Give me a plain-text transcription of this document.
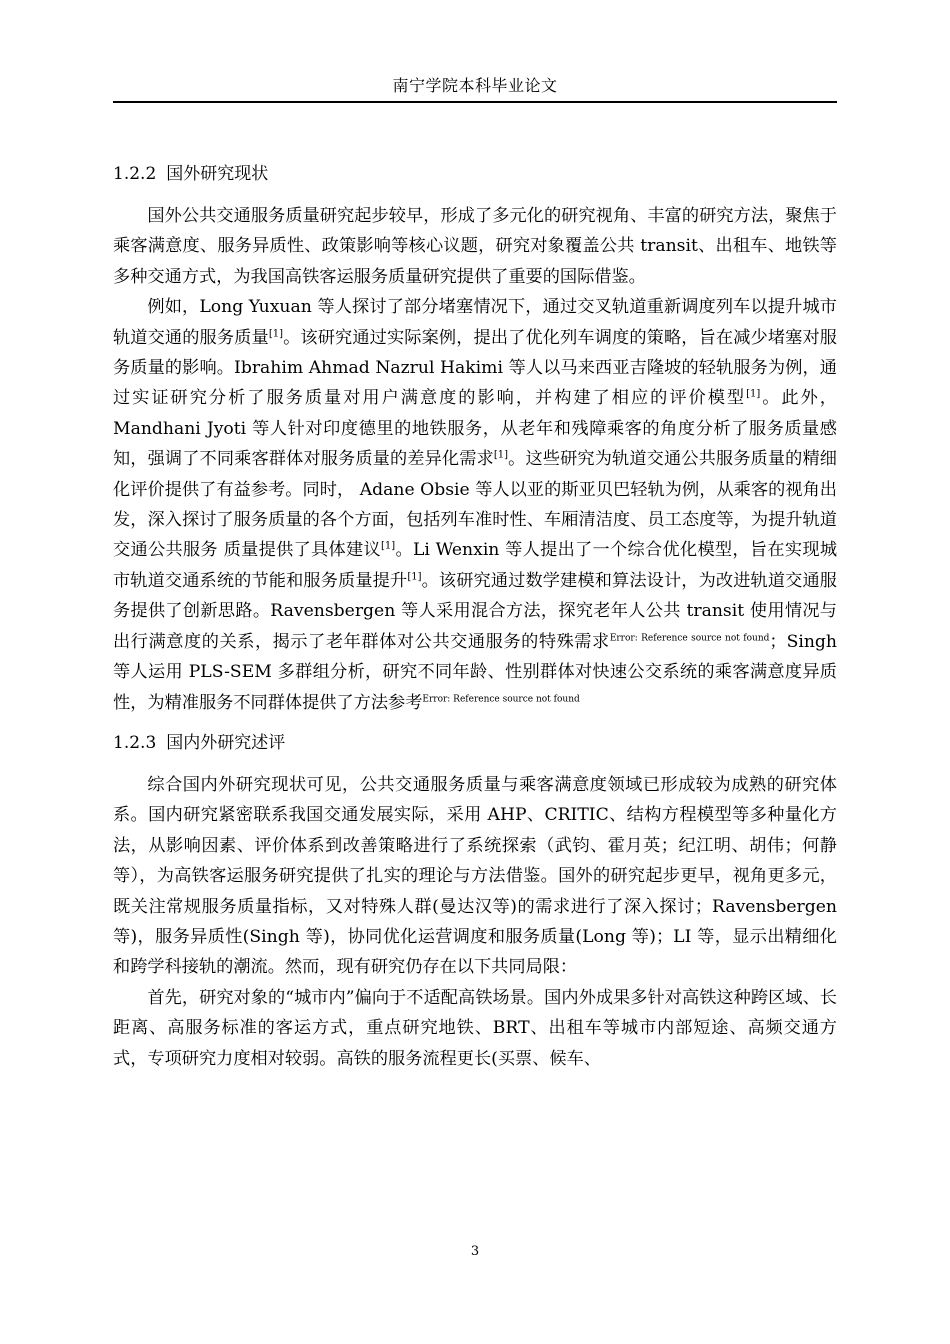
南宁学院本科毕业论文
1.2.2 国外研究现状

国外公共交通服务质量研究起步较早，形成了多元化的研究视角、丰富的研究方法，聚焦于乘客满意度、服务异质性、政策影响等核心议题，研究对象覆盖公共 transit、出租车、地铁等多种交通方式，为我国高铁客运服务质量研究提供了重要的国际借鉴。

例如，Long Yuxuan 等人探讨了部分堵塞情况下，通过交叉轨道重新调度列车以提升城市轨道交通的服务质量[1]。该研究通过实际案例，提出了优化列车调度的策略，旨在减少堵塞对服务质量的影响。Ibrahim Ahmad Nazrul Hakimi 等人以马来西亚吉隆坡的轻轨服务为例，通过实证研究分析了服务质量对用户满意度的影响，并构建了相应的评价模型[1]。此外，Mandhani Jyoti 等人针对印度德里的地铁服务，从老年和残障乘客的角度分析了服务质量感知，强调了不同乘客群体对服务质量的差异化需求[1]。这些研究为轨道交通公共服务质量的精细化评价提供了有益参考。同时， Adane Obsie 等人以亚的斯亚贝巴轻轨为例，从乘客的视角出发，深入探讨了服务质量的各个方面，包括列车准时性、车厢清洁度、员工态度等，为提升轨道交通公共服务 质量提供了具体建议[1]。Li Wenxin 等人提出了一个综合优化模型，旨在实现城市轨道交通系统的节能和服务质量提升[1]。该研究通过数学建模和算法设计，为改进轨道交通服务提供了创新思路。Ravensbergen 等人采用混合方法，探究老年人公共 transit 使用情况与出行满意度的关系，揭示了老年群体对公共交通服务的特殊需求$^{Error: Reference source not found}$；Singh 等人运用 PLS-SEM 多群组分析，研究不同年龄、性别群体对快速公交系统的乘客满意度异质性，为精准服务不同群体提供了方法参考$^{Error: Reference source not found}$

1.2.3 国内外研究述评

综合国内外研究现状可见，公共交通服务质量与乘客满意度领域已形成较为成熟的研究体系。国内研究紧密联系我国交通发展实际，采用 AHP、CRITIC、结构方程模型等多种量化方法，从影响因素、评价体系到改善策略进行了系统探索（武钧、霍月英；纪江明、胡伟；何静等），为高铁客运服务研究提供了扎实的理论与方法借鉴。国外的研究起步更早，视角更多元，既关注常规服务质量指标，又对特殊人群(曼达汉等)的需求进行了深入探讨；Ravensbergen 等)，服务异质性(Singh 等)，协同优化运营调度和服务质量(Long 等)；LI 等，显示出精细化和跨学科接轨的潮流。然而，现有研究仍存在以下共同局限：

首先，研究对象的“城市内”偏向于不适配高铁场景。国内外成果多针对高铁这种跨区域、长距离、高服务标准的客运方式，重点研究地铁、BRT、出租车等城市内部短途、高频交通方式，专项研究力度相对较弱。高铁的服务流程更长(买票、候车、

3
